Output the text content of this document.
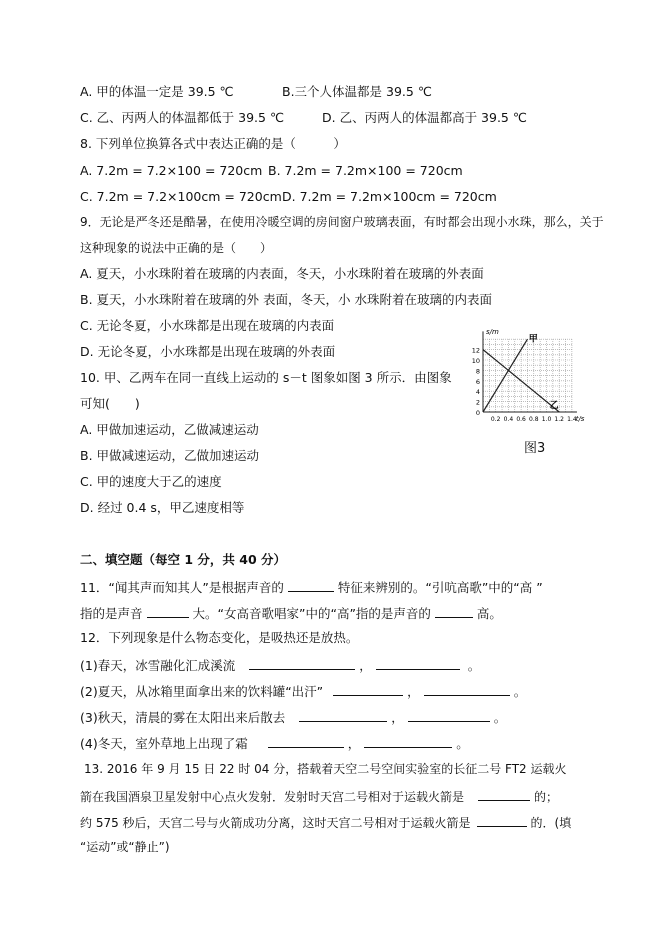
A. 甲的体温一定是 39.5 ℃	B.三个人体温都是 39.5 ℃
C. 乙、丙两人的体温都低于 39.5 ℃	D. 乙、丙两人的体温都高于 39.5 ℃
8. 下列单位换算各式中表达正确的是（　　　）
A. 7.2m = 7.2×100 = 720cm B. 7.2m = 7.2m×100 = 720cm
C. 7.2m = 7.2×100cm = 720cm D. 7.2m = 7.2m×100cm = 720cm
9．无论是严冬还是酷暑，在使用冷暖空调的房间窗户玻璃表面，有时都会出现小水珠，那么，关于
这种现象的说法中正确的是（　　）
A. 夏天，小水珠附着在玻璃的内表面，冬天，小水珠附着在玻璃的外表面
B. 夏天，小水珠附着在玻璃的外 表面，冬天，小 水珠附着在玻璃的内表面
C. 无论冬夏，小水珠都是出现在玻璃的内表面
D. 无论冬夏，小水珠都是出现在玻璃的外表面
10. 甲、乙两车在同一直线上运动的 s－t 图象如图 3 所示．由图象
可知(　　)
A. 甲做加速运动，乙做减速运动
B. 甲做减速运动，乙做加速运动
C. 甲的速度大于乙的速度
D. 经过 0.4 s，甲乙速度相等
s/m
t/s
0
2
4
6
8
10
12
0.2 0.4 0.6 0.8 1.0 1.2 1.4
甲
乙
图3
二、填空题（每空 1 分，共 40 分）
11．“闻其声而知其人”是根据声音的	特征来辨别的。“引吭高歌”中的“高 ”
指的是声音	大。“女高音歌唱家”中的“高”指的是声音的	高。
12．下列现象是什么物态变化，是吸热还是放热。
(1)春天，冰雪融化汇成溪流	，	。
(2)夏天，从冰箱里面拿出来的饮料罐“出汗”	，	。
(3)秋天，清晨的雾在太阳出来后散去	，	。
(4)冬天，室外草地上出现了霜	，	。
13. 2016 年 9 月 15 日 22 时 04 分，搭载着天空二号空间实验室的长征二号 FT2 运载火
箭在我国酒泉卫星发射中心点火发射．发射时天宫二号相对于运载火箭是	的；
约 575 秒后，天宫二号与火箭成功分离，这时天宫二号相对于运载火箭是	的．(填
“运动”或“静止”)
